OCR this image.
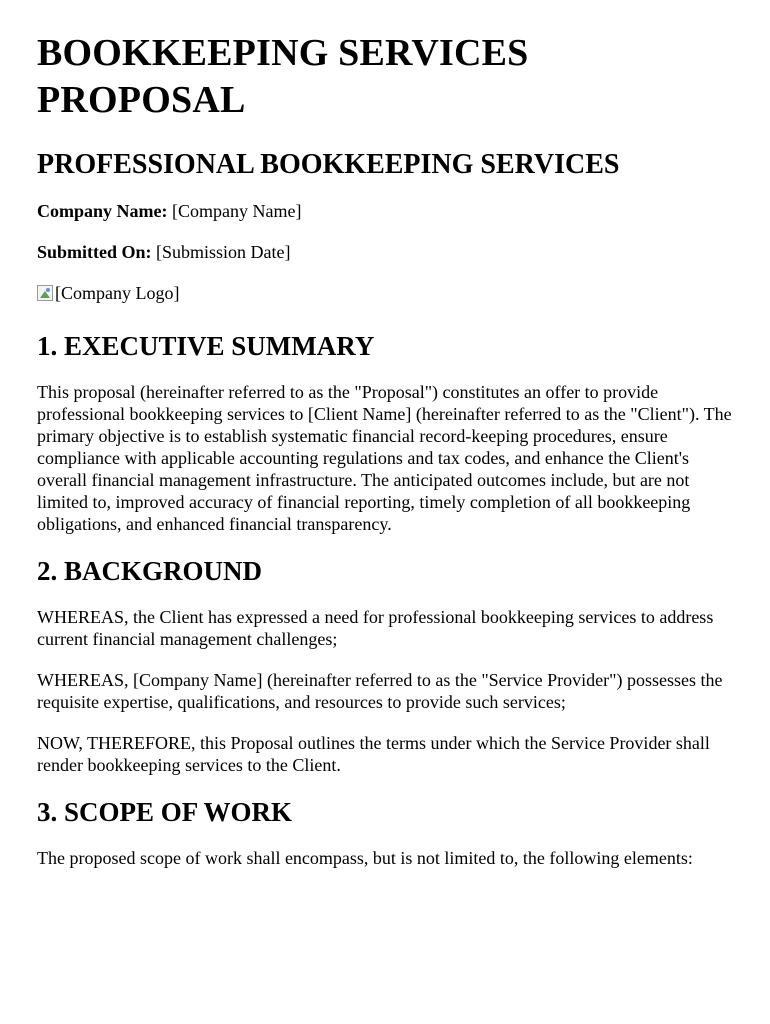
BOOKKEEPING SERVICES PROPOSAL
PROFESSIONAL BOOKKEEPING SERVICES

Company Name: [Company Name]

Submitted On: [Submission Date]

[Company Logo]
1. EXECUTIVE SUMMARY

This proposal (hereinafter referred to as the "Proposal") constitutes an offer to provide professional bookkeeping services to [Client Name] (hereinafter referred to as the "Client"). The primary objective is to establish systematic financial record-keeping procedures, ensure compliance with applicable accounting regulations and tax codes, and enhance the Client's overall financial management infrastructure. The anticipated outcomes include, but are not limited to, improved accuracy of financial reporting, timely completion of all bookkeeping obligations, and enhanced financial transparency.

2. BACKGROUND

WHEREAS, the Client has expressed a need for professional bookkeeping services to address current financial management challenges;

WHEREAS, [Company Name] (hereinafter referred to as the "Service Provider") possesses the requisite expertise, qualifications, and resources to provide such services;

NOW, THEREFORE, this Proposal outlines the terms under which the Service Provider shall render bookkeeping services to the Client.

3. SCOPE OF WORK

The proposed scope of work shall encompass, but is not limited to, the following elements:
